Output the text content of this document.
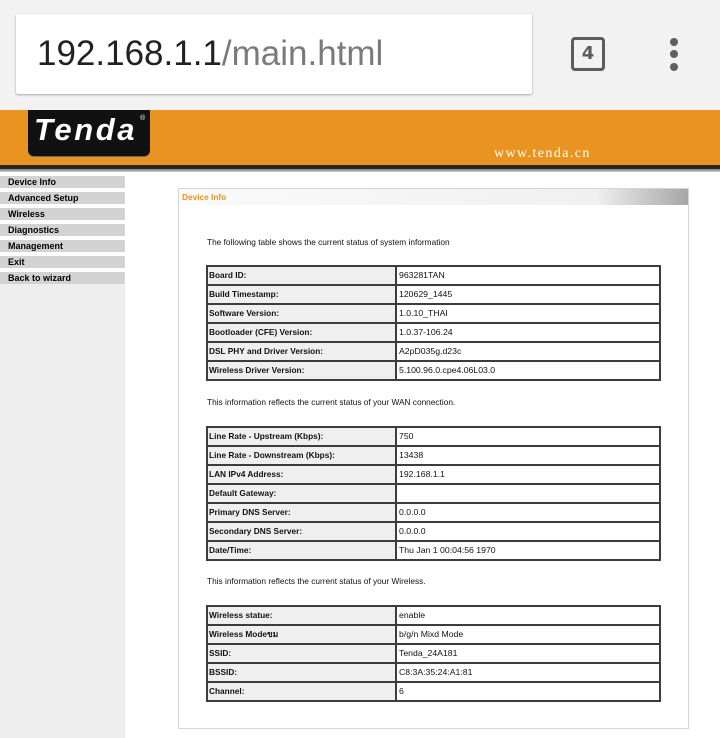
192.168.1.1/main.html	4
Tenda ®
www.tenda.cn
Device Info
Advanced Setup
Wireless
Diagnostics
Management
Exit
Back to wizard
Device Info

The following table shows the current status of system information

Board ID:	963281TAN
Build Timestamp:	120629_1445
Software Version:	1.0.10_THAI
Bootloader (CFE) Version:	1.0.37-106.24
DSL PHY and Driver Version:	A2pD035g.d23c
Wireless Driver Version:	5.100.96.0.cpe4.06L03.0

This information reflects the current status of your WAN connection.

Line Rate - Upstream (Kbps):	750
Line Rate - Downstream (Kbps):	13438
LAN IPv4 Address:	192.168.1.1
Default Gateway:
Primary DNS Server:	0.0.0.0
Secondary DNS Server:	0.0.0.0
Date/Time:	Thu Jan 1 00:04:56 1970

This information reflects the current status of your Wireless.

Wireless statue:	enable
Wireless Modeขม	b/g/n Mixd Mode
SSID:	Tenda_24A181
BSSID:	C8:3A:35:24:A1:81
Channel:	6
